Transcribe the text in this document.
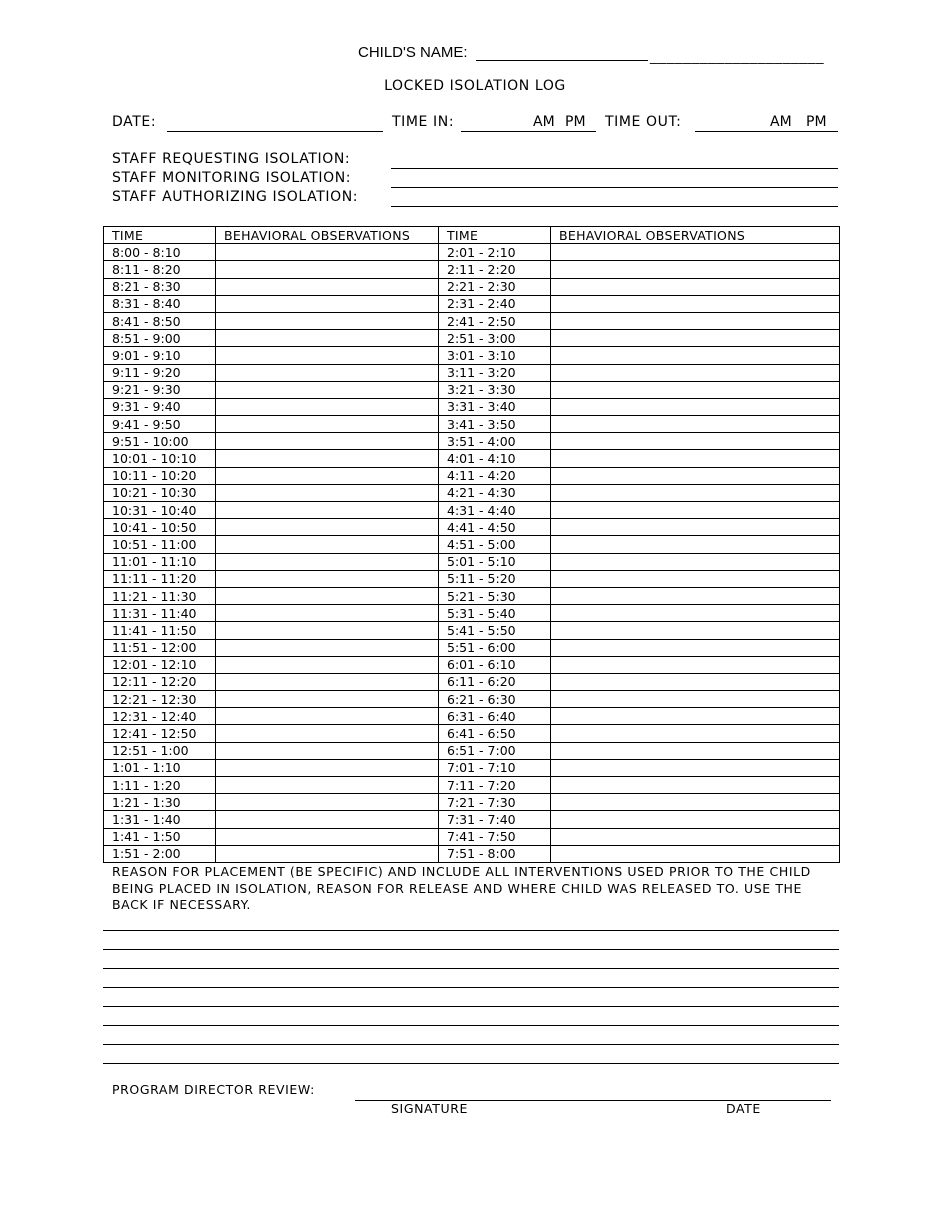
CHILD'S NAME:	_____________________
LOCKED ISOLATION LOG
DATE:	TIME IN:	AM PM TIME OUT:	AM PM
STAFF REQUESTING ISOLATION:
STAFF MONITORING ISOLATION:
STAFF AUTHORIZING ISOLATION:
TIME	BEHAVIORAL OBSERVATIONS	TIME	BEHAVIORAL OBSERVATIONS
8:00 - 8:10		2:01 - 2:10	
8:11 - 8:20		2:11 - 2:20	
8:21 - 8:30		2:21 - 2:30	
8:31 - 8:40		2:31 - 2:40	
8:41 - 8:50		2:41 - 2:50	
8:51 - 9:00		2:51 - 3:00	
9:01 - 9:10		3:01 - 3:10	
9:11 - 9:20		3:11 - 3:20	
9:21 - 9:30		3:21 - 3:30	
9:31 - 9:40		3:31 - 3:40	
9:41 - 9:50		3:41 - 3:50	
9:51 - 10:00		3:51 - 4:00	
10:01 - 10:10		4:01 - 4:10	
10:11 - 10:20		4:11 - 4:20	
10:21 - 10:30		4:21 - 4:30	
10:31 - 10:40		4:31 - 4:40	
10:41 - 10:50		4:41 - 4:50	
10:51 - 11:00		4:51 - 5:00	
11:01 - 11:10		5:01 - 5:10	
11:11 - 11:20		5:11 - 5:20	
11:21 - 11:30		5:21 - 5:30	
11:31 - 11:40		5:31 - 5:40	
11:41 - 11:50		5:41 - 5:50	
11:51 - 12:00		5:51 - 6:00	
12:01 - 12:10		6:01 - 6:10	
12:11 - 12:20		6:11 - 6:20	
12:21 - 12:30		6:21 - 6:30	
12:31 - 12:40		6:31 - 6:40	
12:41 - 12:50		6:41 - 6:50	
12:51 - 1:00		6:51 - 7:00	
1:01 - 1:10		7:01 - 7:10	
1:11 - 1:20		7:11 - 7:20	
1:21 - 1:30		7:21 - 7:30	
1:31 - 1:40		7:31 - 7:40	
1:41 - 1:50		7:41 - 7:50	
1:51 - 2:00		7:51 - 8:00	
REASON FOR PLACEMENT (BE SPECIFIC) AND INCLUDE ALL INTERVENTIONS USED PRIOR TO THE CHILD
BEING PLACED IN ISOLATION, REASON FOR RELEASE AND WHERE CHILD WAS RELEASED TO. USE THE
BACK IF NECESSARY.
PROGRAM DIRECTOR REVIEW:
SIGNATURE	DATE
